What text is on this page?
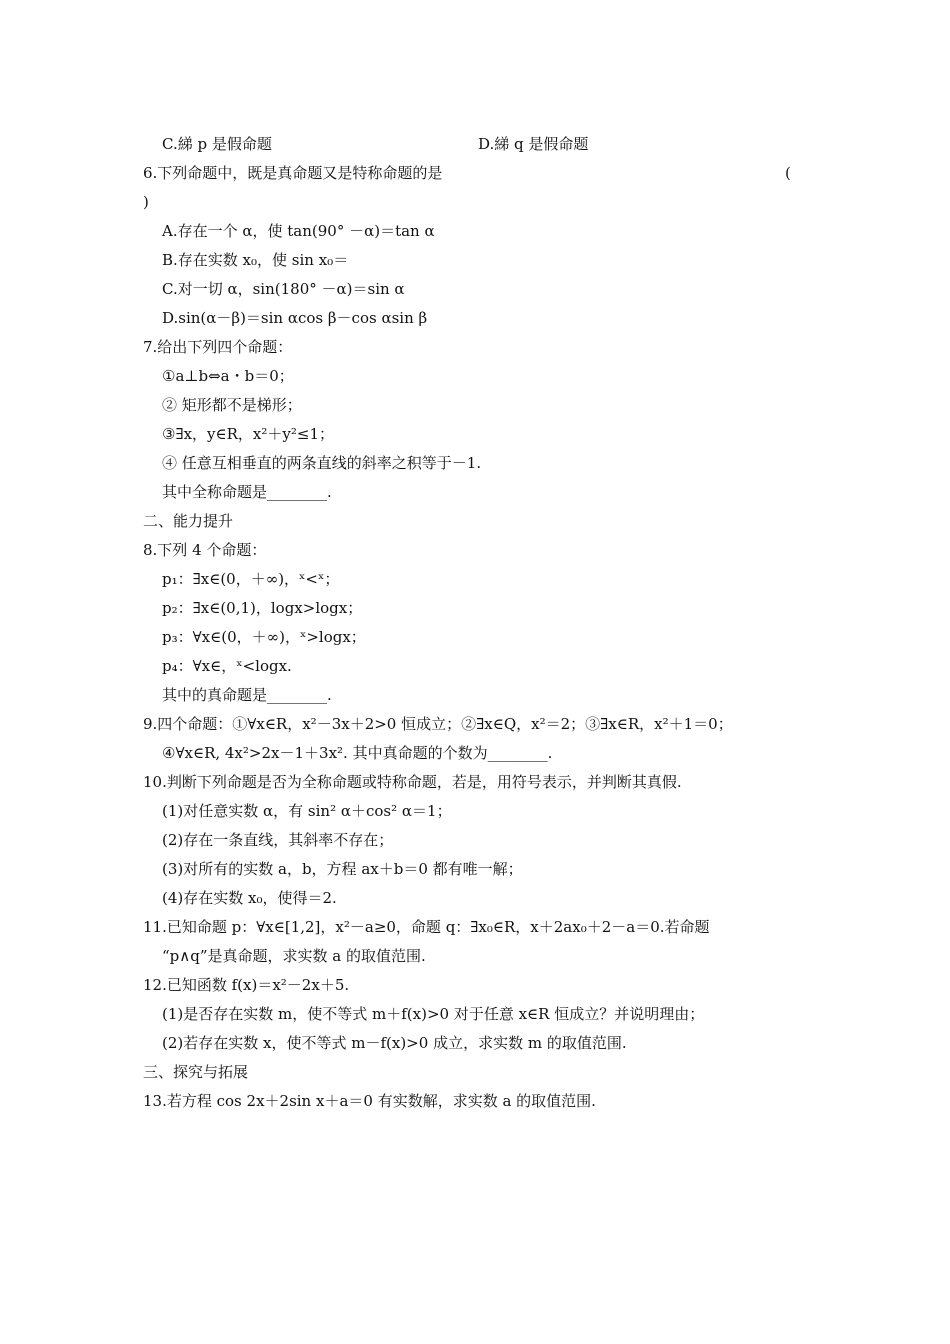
C.綈 p 是假命题
6.下列命题中，既是真命题又是特称命题的是
)
A.存在一个 α，使 tan(90° －α)＝tan α
B.存在实数 x₀，使 sin x₀＝
C.对一切 α，sin(180° －α)＝sin α
D.sin(α－β)＝sin αcos β－cos αsin β
7.给出下列四个命题：
①a⊥b⇔a・b＝0；
② 矩形都不是梯形；
③∃x，y∈R，x²＋y²≤1；
④ 任意互相垂直的两条直线的斜率之积等于－1.
其中全称命题是________.
二、能力提升
8.下列 4 个命题：
p₁：∃x∈(0，＋∞)，ˣ<ˣ；
p₂：∃x∈(0,1)，logx>logx；
p₃：∀x∈(0，＋∞)，ˣ>logx；
p₄：∀x∈，ˣ<logx.
其中的真命题是________.
9.四个命题：①∀x∈R，x²－3x＋2>0 恒成立；②∃x∈Q，x²＝2；③∃x∈R，x²＋1＝0；
④∀x∈R, 4x²>2x－1＋3x². 其中真命题的个数为________.
10.判断下列命题是否为全称命题或特称命题，若是，用符号表示，并判断其真假.
(1)对任意实数 α，有 sin² α＋cos² α＝1；
(2)存在一条直线，其斜率不存在；
(3)对所有的实数 a，b，方程 ax＋b＝0 都有唯一解；
(4)存在实数 x₀，使得＝2.
11.已知命题 p：∀x∈[1,2]，x²－a≥0，命题 q：∃x₀∈R，x＋2ax₀＋2－a＝0.若命题
“p∧q”是真命题，求实数 a 的取值范围.
12.已知函数 f(x)＝x²－2x＋5.
(1)是否存在实数 m，使不等式 m＋f(x)>0 对于任意 x∈R 恒成立？并说明理由；
(2)若存在实数 x，使不等式 m－f(x)>0 成立，求实数 m 的取值范围.
三、探究与拓展
13.若方程 cos 2x＋2sin x＋a＝0 有实数解，求实数 a 的取值范围.
D.綈 q 是假命题
(
